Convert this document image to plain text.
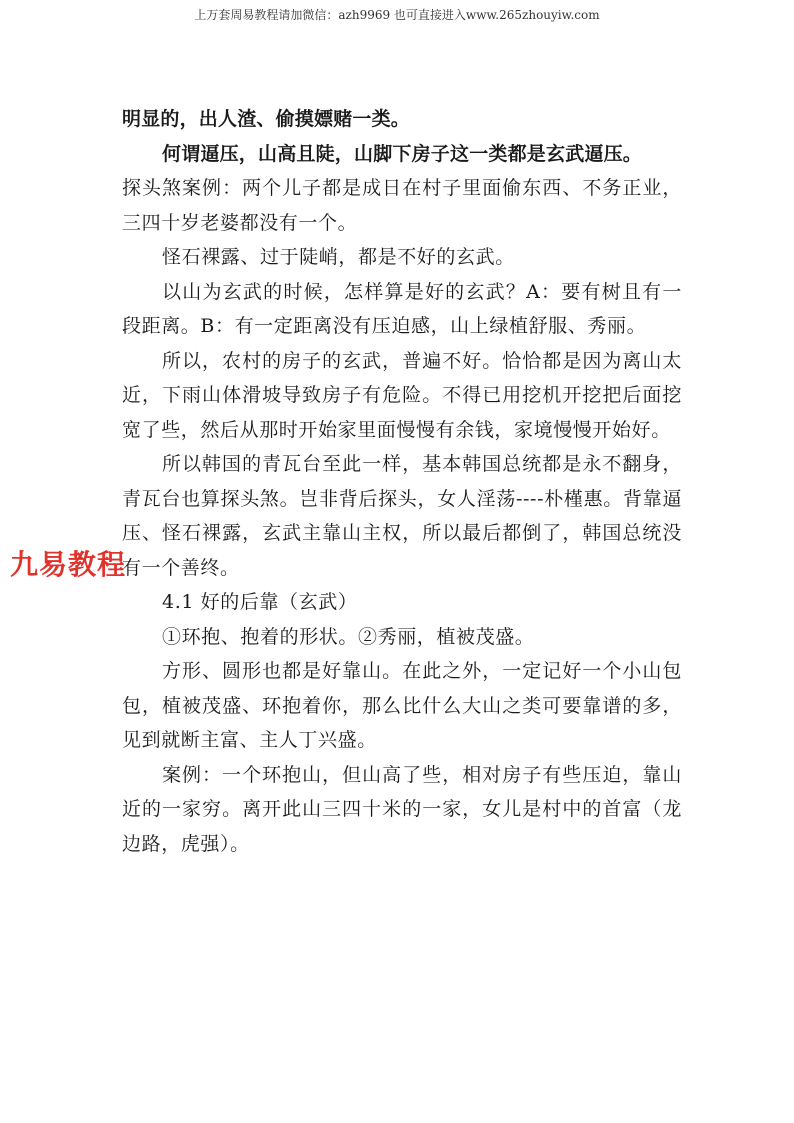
上万套周易教程请加微信：azh9969 也可直接进入www.265zhouyiw.com
九易教程

明显的，出人渣、偷摸嫖赌一类。

何谓逼压，山高且陡，山脚下房子这一类都是玄武逼压。

探头煞案例：两个儿子都是成日在村子里面偷东西、不务正业，三四十岁老婆都没有一个。

怪石裸露、过于陡峭，都是不好的玄武。

以山为玄武的时候，怎样算是好的玄武？A：要有树且有一段距离。B：有一定距离没有压迫感，山上绿植舒服、秀丽。

所以，农村的房子的玄武，普遍不好。恰恰都是因为离山太近，下雨山体滑坡导致房子有危险。不得已用挖机开挖把后面挖宽了些，然后从那时开始家里面慢慢有余钱，家境慢慢开始好。

所以韩国的青瓦台至此一样，基本韩国总统都是永不翻身，青瓦台也算探头煞。岂非背后探头，女人淫荡----朴槿惠。背靠逼压、怪石裸露，玄武主靠山主权，所以最后都倒了，韩国总统没有一个善终。

4.1 好的后靠（玄武）

①环抱、抱着的形状。②秀丽，植被茂盛。

方形、圆形也都是好靠山。在此之外，一定记好一个小山包包，植被茂盛、环抱着你，那么比什么大山之类可要靠谱的多，见到就断主富、主人丁兴盛。

案例：一个环抱山，但山高了些，相对房子有些压迫，靠山近的一家穷。离开此山三四十米的一家，女儿是村中的首富（龙边路，虎强）。
